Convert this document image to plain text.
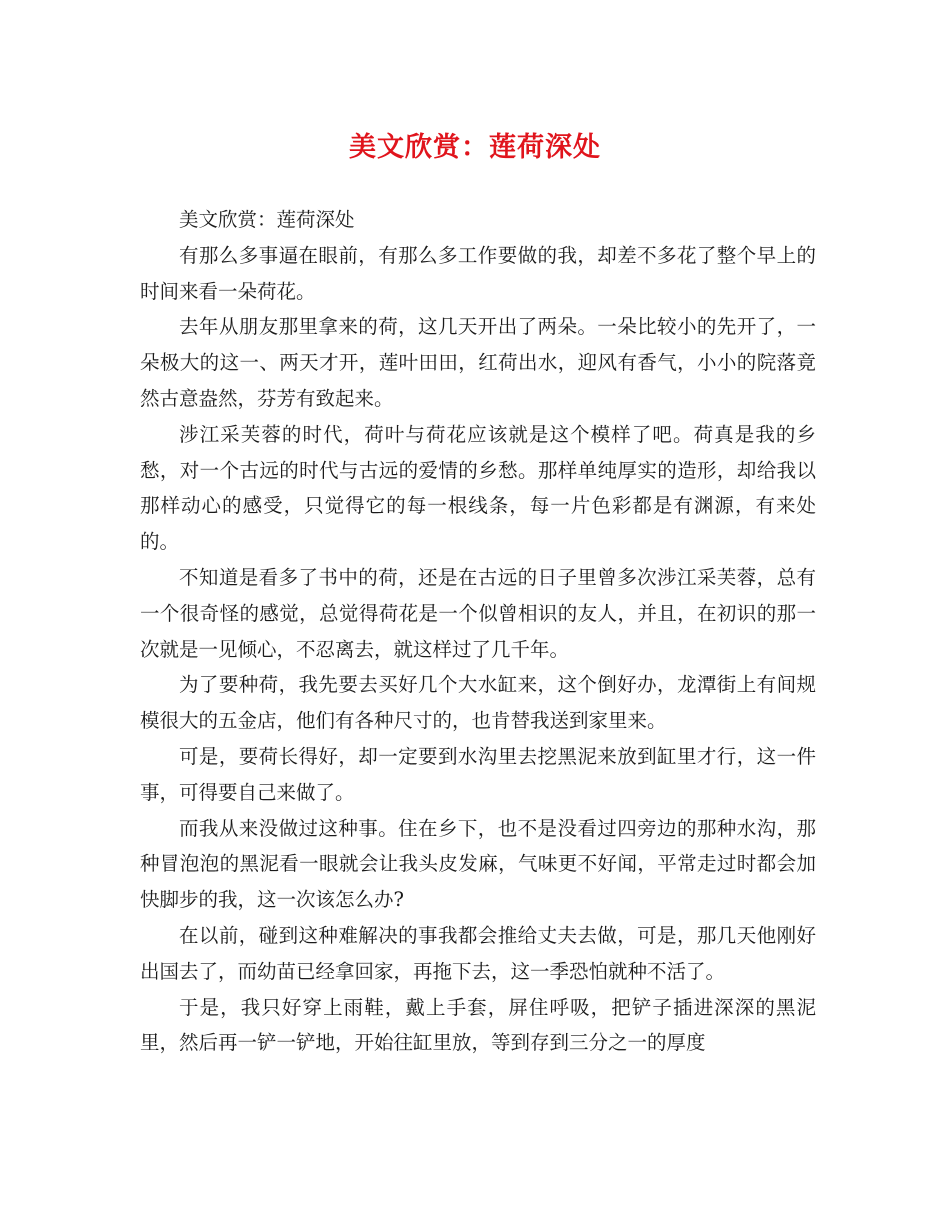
美文欣赏：莲荷深处

美文欣赏：莲荷深处

有那么多事逼在眼前，有那么多工作要做的我，却差不多花了整个早上的时间来看一朵荷花。

去年从朋友那里拿来的荷，这几天开出了两朵。一朵比较小的先开了，一朵极大的这一、两天才开，莲叶田田，红荷出水，迎风有香气，小小的院落竟然古意盎然，芬芳有致起来。

涉江采芙蓉的时代，荷叶与荷花应该就是这个模样了吧。荷真是我的乡愁，对一个古远的时代与古远的爱情的乡愁。那样单纯厚实的造形，却给我以那样动心的感受，只觉得它的每一根线条，每一片色彩都是有渊源，有来处的。

不知道是看多了书中的荷，还是在古远的日子里曾多次涉江采芙蓉，总有一个很奇怪的感觉，总觉得荷花是一个似曾相识的友人，并且，在初识的那一次就是一见倾心，不忍离去，就这样过了几千年。

为了要种荷，我先要去买好几个大水缸来，这个倒好办，龙潭街上有间规模很大的五金店，他们有各种尺寸的，也肯替我送到家里来。

可是，要荷长得好，却一定要到水沟里去挖黑泥来放到缸里才行，这一件事，可得要自己来做了。

而我从来没做过这种事。住在乡下，也不是没看过四旁边的那种水沟，那种冒泡泡的黑泥看一眼就会让我头皮发麻，气味更不好闻，平常走过时都会加快脚步的我，这一次该怎么办?

在以前，碰到这种难解决的事我都会推给丈夫去做，可是，那几天他刚好出国去了，而幼苗已经拿回家，再拖下去，这一季恐怕就种不活了。

于是，我只好穿上雨鞋，戴上手套，屏住呼吸，把铲子插进深深的黑泥里，然后再一铲一铲地，开始往缸里放，等到存到三分之一的厚度
